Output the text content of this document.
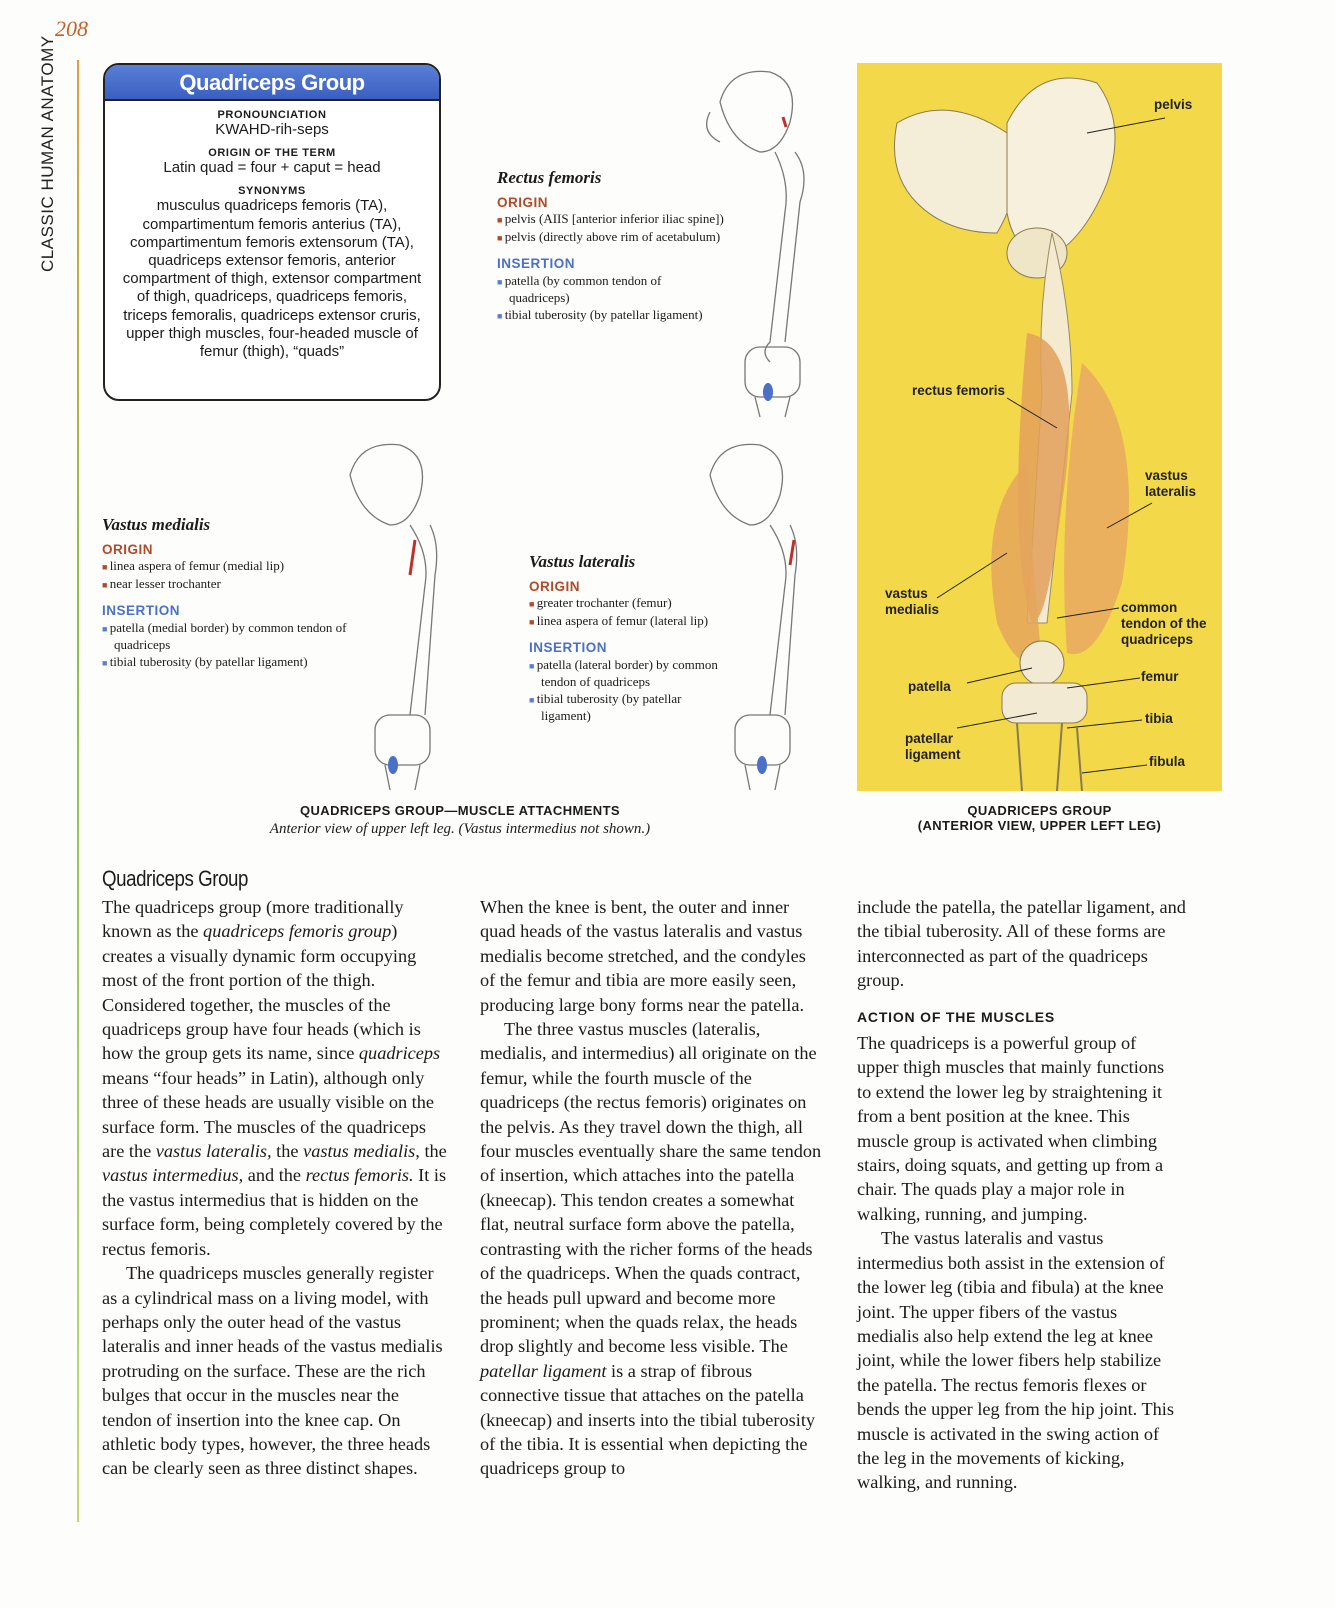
208
CLASSIC HUMAN ANATOMY	Quadriceps Group
PRONOUNCIATION
KWAHD-rih-seps
ORIGIN OF THE TERM
Latin quad = four + caput = head
SYNONYMS
musculus quadriceps femoris (TA), compartimentum femoris anterius (TA), compartimentum femoris extensorum (TA), quadriceps extensor femoris, anterior compartment of thigh, extensor compartment of thigh, quadriceps, quadriceps femoris, triceps femoralis, quadriceps extensor cruris, upper thigh muscles, four-headed muscle of femur (thigh), “quads”
Rectus femoris
ORIGIN
■ pelvis (AIIS [anterior inferior iliac spine])
■ pelvis (directly above rim of acetabulum)
INSERTION
■ patella (by common tendon of quadriceps)
■ tibial tuberosity (by patellar ligament)
Vastus medialis
ORIGIN
■ linea aspera of femur (medial lip)
■ near lesser trochanter
INSERTION
■ patella (medial border) by common tendon of quadriceps
■ tibial tuberosity (by patellar ligament)
Vastus lateralis
ORIGIN
■ greater trochanter (femur)
■ linea aspera of femur (lateral lip)
INSERTION
■ patella (lateral border) by common tendon of quadriceps
■ tibial tuberosity (by patellar ligament)
QUADRICEPS GROUP—MUSCLE ATTACHMENTS
Anterior view of upper left leg. (Vastus intermedius not shown.)
pelvis
rectus femoris
vastus lateralis
vastus medialis	common tendon of the quadriceps
patella
femur
patellar ligament
tibia
fibula
QUADRICEPS GROUP
(ANTERIOR VIEW, UPPER LEFT LEG)
Quadriceps Group

The quadriceps group (more traditionally known as the quadriceps femoris group) creates a visually dynamic form occupying most of the front portion of the thigh. Considered together, the muscles of the quadriceps group have four heads (which is how the group gets its name, since quadriceps means “four heads” in Latin), although only three of these heads are usually visible on the surface form. The muscles of the quadriceps are the vastus lateralis, the vastus medialis, the vastus intermedius, and the rectus femoris. It is the vastus intermedius that is hidden on the surface form, being completely covered by the rectus femoris.

The quadriceps muscles generally register as a cylindrical mass on a living model, with perhaps only the outer head of the vastus lateralis and inner heads of the vastus medialis protruding on the surface. These are the rich bulges that occur in the muscles near the tendon of insertion into the knee cap. On athletic body types, however, the three heads can be clearly seen as three distinct shapes.

When the knee is bent, the outer and inner quad heads of the vastus lateralis and vastus medialis become stretched, and the condyles of the femur and tibia are more easily seen, producing large bony forms near the patella.

The three vastus muscles (lateralis, medialis, and intermedius) all originate on the femur, while the fourth muscle of the quadriceps (the rectus femoris) originates on the pelvis. As they travel down the thigh, all four muscles eventually share the same tendon of insertion, which attaches into the patella (kneecap). This tendon creates a somewhat flat, neutral surface form above the patella, contrasting with the richer forms of the heads of the quadriceps. When the quads contract, the heads pull upward and become more prominent; when the quads relax, the heads drop slightly and become less visible. The patellar ligament is a strap of fibrous connective tissue that attaches on the patella (kneecap) and inserts into the tibial tuberosity of the tibia. It is essential when depicting the quadriceps group to

include the patella, the patellar ligament, and the tibial tuberosity. All of these forms are interconnected as part of the quadriceps group.

ACTION OF THE MUSCLES

The quadriceps is a powerful group of upper thigh muscles that mainly functions to extend the lower leg by straightening it from a bent position at the knee. This muscle group is activated when climbing stairs, doing squats, and getting up from a chair. The quads play a major role in walking, running, and jumping.

The vastus lateralis and vastus intermedius both assist in the extension of the lower leg (tibia and fibula) at the knee joint. The upper fibers of the vastus medialis also help extend the leg at knee joint, while the lower fibers help stabilize the patella. The rectus femoris flexes or bends the upper leg from the hip joint. This muscle is activated in the swing action of the leg in the movements of kicking, walking, and running.
